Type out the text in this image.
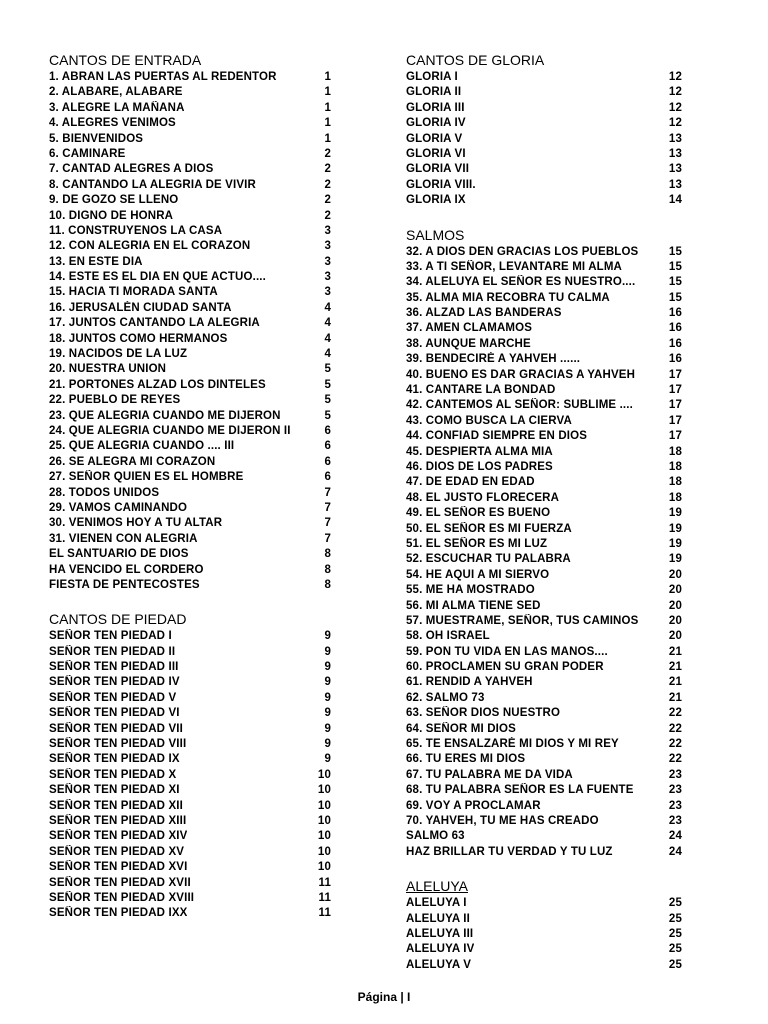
CANTOS DE ENTRADA
1. ABRAN LAS PUERTAS AL REDENTOR	1
2. ALABARE, ALABARE	1
3. ALEGRE LA MAÑANA	1
4. ALEGRES VENIMOS	1
5. BIENVENIDOS	1
6. CAMINARE	2
7. CANTAD ALEGRES A DIOS	2
8. CANTANDO LA ALEGRIA DE VIVIR	2
9. DE GOZO SE LLENO	2
10. DIGNO DE HONRA	2
11. CONSTRUYENOS LA CASA	3
12. CON ALEGRIA EN EL CORAZON	3
13. EN ESTE DIA	3
14. ESTE ES EL DIA EN QUE ACTUO....	3
15. HACIA TI MORADA SANTA	3
16. JERUSALÉN CIUDAD SANTA	4
17. JUNTOS CANTANDO LA ALEGRIA	4
18. JUNTOS COMO HERMANOS	4
19. NACIDOS DE LA LUZ	4
20. NUESTRA UNION	5
21. PORTONES ALZAD LOS DINTELES	5
22. PUEBLO DE REYES	5
23. QUE ALEGRIA CUANDO ME DIJERON	5
24. QUE ALEGRIA CUANDO ME DIJERON II	6
25. QUE ALEGRIA CUANDO .... III	6
26. SE ALEGRA MI CORAZON	6
27. SEÑOR QUIEN ES EL HOMBRE	6
28. TODOS UNIDOS	7
29. VAMOS CAMINANDO	7
30. VENIMOS HOY A TU ALTAR	7
31. VIENEN CON ALEGRIA	7
EL SANTUARIO DE DIOS	8
HA VENCIDO EL CORDERO	8
FIESTA DE PENTECOSTES	8
CANTOS DE PIEDAD
SEÑOR TEN PIEDAD I	9
SEÑOR TEN PIEDAD II	9
SEÑOR TEN PIEDAD III	9
SEÑOR TEN PIEDAD IV	9
SEÑOR TEN PIEDAD V	9
SEÑOR TEN PIEDAD VI	9
SEÑOR TEN PIEDAD VII	9
SEÑOR TEN PIEDAD VIII	9
SEÑOR TEN PIEDAD IX	9
SEÑOR TEN PIEDAD X	10
SEÑOR TEN PIEDAD XI	10
SEÑOR TEN PIEDAD XII	10
SEÑOR TEN PIEDAD XIII	10
SEÑOR TEN PIEDAD XIV	10
SEÑOR TEN PIEDAD XV	10
SEÑOR TEN PIEDAD XVI	10
SEÑOR TEN PIEDAD XVII	11
SEÑOR TEN PIEDAD XVIII	11
SEÑOR TEN PIEDAD IXX	11
CANTOS DE GLORIA
GLORIA I	12
GLORIA II	12
GLORIA III	12
GLORIA IV	12
GLORIA V	13
GLORIA VI	13
GLORIA VII	13
GLORIA VIII.	13
GLORIA IX	14
SALMOS
32. A DIOS DEN GRACIAS LOS PUEBLOS	15
33. A TI SEÑOR, LEVANTARE MI ALMA	15
34. ALELUYA EL SEÑOR ES NUESTRO....	15
35. ALMA MIA RECOBRA TU CALMA	15
36. ALZAD LAS BANDERAS	16
37. AMEN CLAMAMOS	16
38. AUNQUE MARCHE	16
39. BENDECIRÉ A YAHVEH ......	16
40. BUENO ES DAR GRACIAS A YAHVEH	17
41. CANTARE LA BONDAD	17
42. CANTEMOS AL SEÑOR: SUBLIME ....	17
43. COMO BUSCA LA CIERVA	17
44. CONFIAD SIEMPRE EN DIOS	17
45. DESPIERTA ALMA MIA	18
46. DIOS DE LOS PADRES	18
47. DE EDAD EN EDAD	18
48. EL JUSTO FLORECERA	18
49. EL SEÑOR ES BUENO	19
50. EL SEÑOR ES MI FUERZA	19
51. EL SEÑOR ES MI LUZ	19
52. ESCUCHAR TU PALABRA	19
54. HE AQUI A MI SIERVO	20
55. ME HA MOSTRADO	20
56. MI ALMA TIENE SED	20
57. MUESTRAME, SEÑOR, TUS CAMINOS	20
58. OH ISRAEL	20
59. PON TU VIDA EN LAS MANOS....	21
60. PROCLAMEN SU GRAN PODER	21
61. RENDID A YAHVEH	21
62. SALMO 73	21
63. SEÑOR DIOS NUESTRO	22
64. SEÑOR MI DIOS	22
65. TE ENSALZARÉ MI DIOS Y MI REY	22
66. TU ERES MI DIOS	22
67. TU PALABRA ME DA VIDA	23
68. TU PALABRA SEÑOR ES LA FUENTE	23
69. VOY A PROCLAMAR	23
70. YAHVEH, TU ME HAS CREADO	23
SALMO 63	24
HAZ BRILLAR TU VERDAD Y TU LUZ	24
ALELUYA
ALELUYA I	25
ALELUYA II	25
ALELUYA III	25
ALELUYA IV	25
ALELUYA V	25
Página | I
